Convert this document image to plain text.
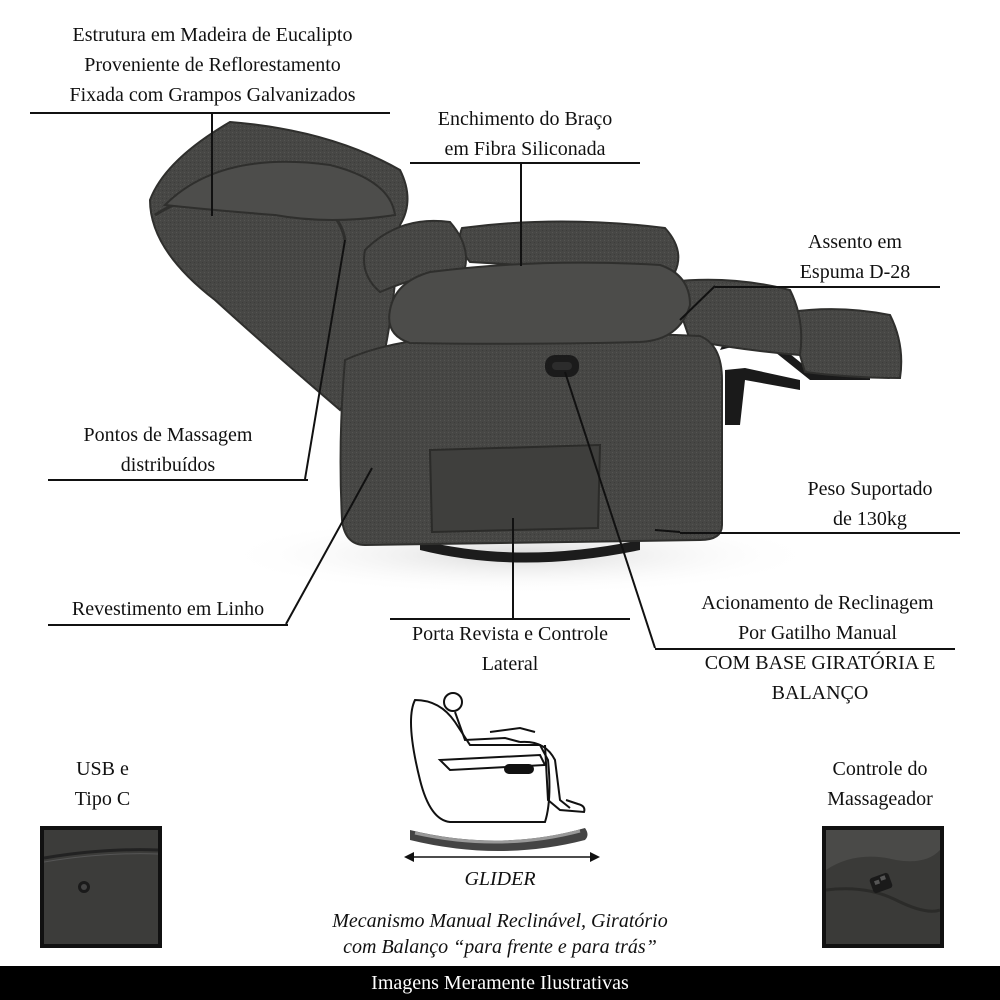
Estrutura em Madeira de Eucalipto
Proveniente de Reflorestamento
Fixada com Grampos Galvanizados
Enchimento do Braço
em Fibra Siliconada
Assento em
Espuma D-28
Pontos de Massagem
distribuídos
Peso Suportado
de 130kg
Revestimento em Linho
Porta Revista e Controle
Lateral
Acionamento de Reclinagem
Por Gatilho Manual
COM BASE GIRATÓRIA E
BALANÇO
USB e
Tipo C
Controle do
Massageador
GLIDER
Mecanismo Manual Reclinável, Giratório
com Balanço “para frente e para trás”
Imagens Meramente Ilustrativas
